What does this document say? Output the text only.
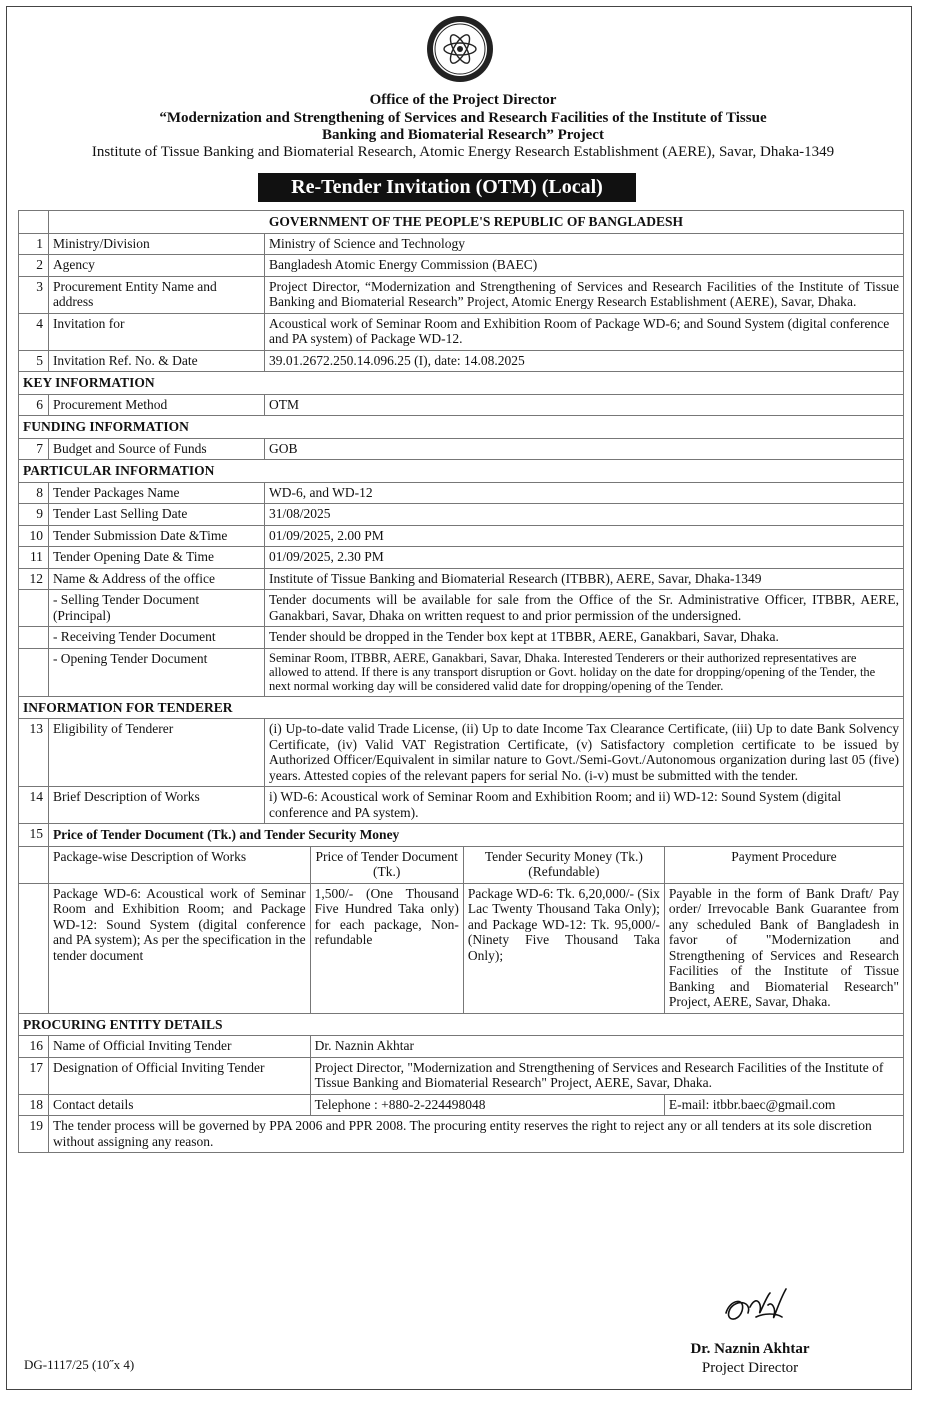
Office of the Project Director
“Modernization and Strengthening of Services and Research Facilities of the Institute of Tissue
Banking and Biomaterial Research” Project
Institute of Tissue Banking and Biomaterial Research, Atomic Energy Research Establishment (AERE), Savar, Dhaka-1349
Re-Tender Invitation (OTM) (Local)
	GOVERNMENT OF THE PEOPLE'S REPUBLIC OF BANGLADESH				
1	Ministry/Division	Ministry of Science and Technology			
2	Agency	Bangladesh Atomic Energy Commission (BAEC)			
3	Procurement Entity Name and address	Project Director, “Modernization and Strengthening of Services and Research Facilities of the Institute of Tissue Banking and Biomaterial Research” Project, Atomic Energy Research Establishment (AERE), Savar, Dhaka.			
4	Invitation for	Acoustical work of Seminar Room and Exhibition Room of Package WD-6; and Sound System (digital conference and PA system) of Package WD-12.			
5	Invitation Ref. No. & Date	39.01.2672.250.14.096.25 (I), date: 14.08.2025			
KEY INFORMATION					
6	Procurement Method	OTM			
FUNDING INFORMATION					
7	Budget and Source of Funds	GOB			
PARTICULAR INFORMATION					
8	Tender Packages Name	WD-6, and WD-12			
9	Tender Last Selling Date	31/08/2025			
10	Tender Submission Date &Time	01/09/2025, 2.00 PM			
11	Tender Opening Date & Time	01/09/2025, 2.30 PM			
12	Name & Address of the office	Institute of Tissue Banking and Biomaterial Research (ITBBR), AERE, Savar, Dhaka-1349			
	- Selling Tender Document (Principal)	Tender documents will be available for sale from the Office of the Sr. Administrative Officer, ITBBR, AERE, Ganakbari, Savar, Dhaka on written request to and prior permission of the undersigned.			
	- Receiving Tender Document	Tender should be dropped in the Tender box kept at 1TBBR, AERE, Ganakbari, Savar, Dhaka.			
	- Opening Tender Document	Seminar Room, ITBBR, AERE, Ganakbari, Savar, Dhaka. Interested Tenderers or their authorized representatives are allowed to attend. If there is any transport disruption or Govt. holiday on the date for dropping/opening of the Tender, the next normal working day will be considered valid date for dropping/opening of the Tender.			
INFORMATION FOR TENDERER					
13	Eligibility of Tenderer	(i) Up-to-date valid Trade License, (ii) Up to date Income Tax Clearance Certificate, (iii) Up to date Bank Solvency Certificate, (iv) Valid VAT Registration Certificate, (v) Satisfactory completion certificate to be issued by Authorized Officer/Equivalent in similar nature to Govt./Semi-Govt./Autonomous organization during last 05 (five) years. Attested copies of the relevant papers for serial No. (i-v) must be submitted with the tender.			
14	Brief Description of Works	i) WD-6: Acoustical work of Seminar Room and Exhibition Room; and ii) WD-12: Sound System (digital conference and PA system).			
15	Price of Tender Document (Tk.) and Tender Security Money				
	Package-wise Description of Works		Price of Tender Document (Tk.)	Tender Security Money (Tk.) (Refundable)	Payment Procedure
	Package WD-6: Acoustical work of Seminar Room and Exhibition Room; and Package WD-12: Sound System (digital conference and PA system); As per the specification in the tender document		1,500/- (One Thousand Five Hundred Taka only) for each package, Non- refundable	Package WD-6: Tk. 6,20,000/- (Six Lac Twenty Thousand Taka Only); and Package WD-12: Tk. 95,000/- (Ninety Five Thousand Taka Only);	Payable in the form of Bank Draft/ Pay order/ Irrevocable Bank Guarantee from any scheduled Bank of Bangladesh in favor of "Modernization and Strengthening of Services and Research Facilities of the Institute of Tissue Banking and Biomaterial Research" Project, AERE, Savar, Dhaka.
PROCURING ENTITY DETAILS					
16	Name of Official Inviting Tender		Dr. Naznin Akhtar		
17	Designation of Official Inviting Tender		Project Director, "Modernization and Strengthening of Services and Research Facilities of the Institute of Tissue Banking and Biomaterial Research" Project, AERE, Savar, Dhaka.		
18	Contact details		Telephone : +880-2-224498048		E-mail: itbbr.baec@gmail.com
19	The tender process will be governed by PPA 2006 and PPR 2008. The procuring entity reserves the right to reject any or all tenders at its sole discretion without assigning any reason.				
Dr. Naznin Akhtar
Project Director
DG-1117/25 (10˝x 4)
